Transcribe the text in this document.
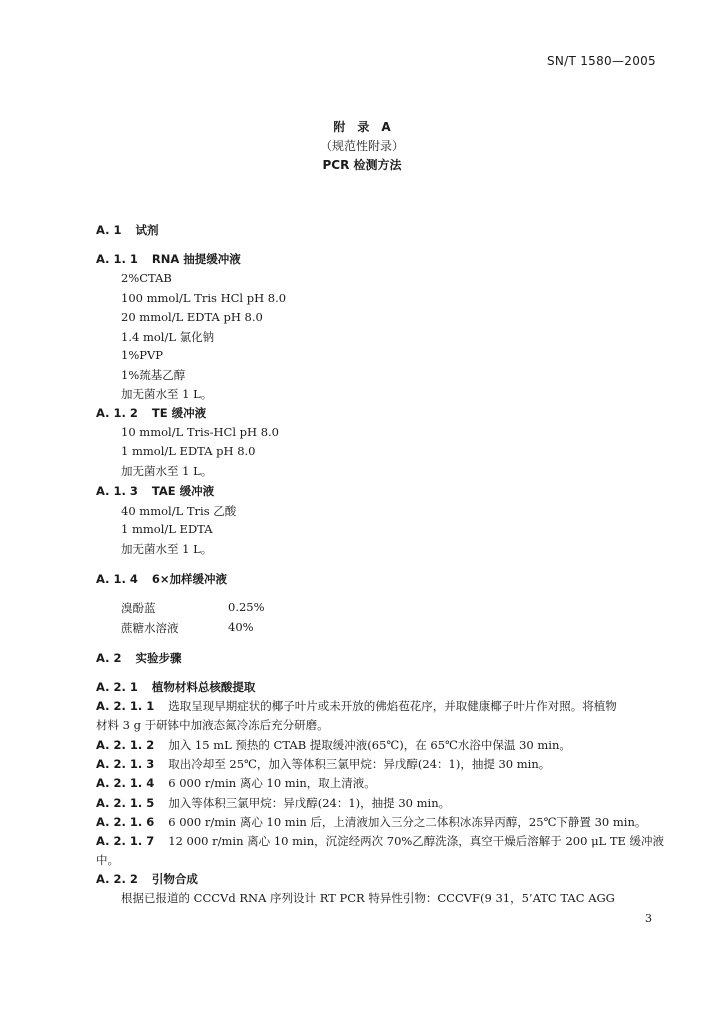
SN/T 1580—2005
附　录　A
（规范性附录）
PCR 检测方法
A. 1 试剂
A. 1. 1 RNA 抽提缓冲液
2%CTAB
100 mmol/L Tris HCl pH 8.0
20 mmol/L EDTA pH 8.0
1.4 mol/L 氯化钠
1%PVP
1%巯基乙醇
加无菌水至 1 L。
A. 1. 2 TE 缓冲液
10 mmol/L Tris-HCl pH 8.0
1 mmol/L EDTA pH 8.0
加无菌水至 1 L。
A. 1. 3 TAE 缓冲液
40 mmol/L Tris 乙酸
1 mmol/L EDTA
加无菌水至 1 L。
A. 1. 4 6×加样缓冲液
溴酚蓝	0.25%
蔗糖水溶液	40%
A. 2 实验步骤
A. 2. 1 植物材料总核酸提取
A. 2. 1. 1 选取呈现早期症状的椰子叶片或未开放的佛焰苞花序，并取健康椰子叶片作对照。将植物
材料 3 g 于研钵中加液态氮冷冻后充分研磨。
A. 2. 1. 2 加入 15 mL 预热的 CTAB 提取缓冲液(65℃)，在 65℃水浴中保温 30 min。
A. 2. 1. 3 取出冷却至 25℃，加入等体积三氯甲烷：异戊醇(24：1)，抽提 30 min。
A. 2. 1. 4 6 000 r/min 离心 10 min，取上清液。
A. 2. 1. 5 加入等体积三氯甲烷：异戊醇(24：1)，抽提 30 min。
A. 2. 1. 6 6 000 r/min 离心 10 min 后，上清液加入三分之二体积冰冻异丙醇，25℃下静置 30 min。
A. 2. 1. 7 12 000 r/min 离心 10 min，沉淀经两次 70%乙醇洗涤，真空干燥后溶解于 200 μL TE 缓冲液
中。
A. 2. 2 引物合成
根据已报道的 CCCVd RNA 序列设计 RT PCR 特异性引物：CCCVF(9 31，5’ATC TAC AGG
3
